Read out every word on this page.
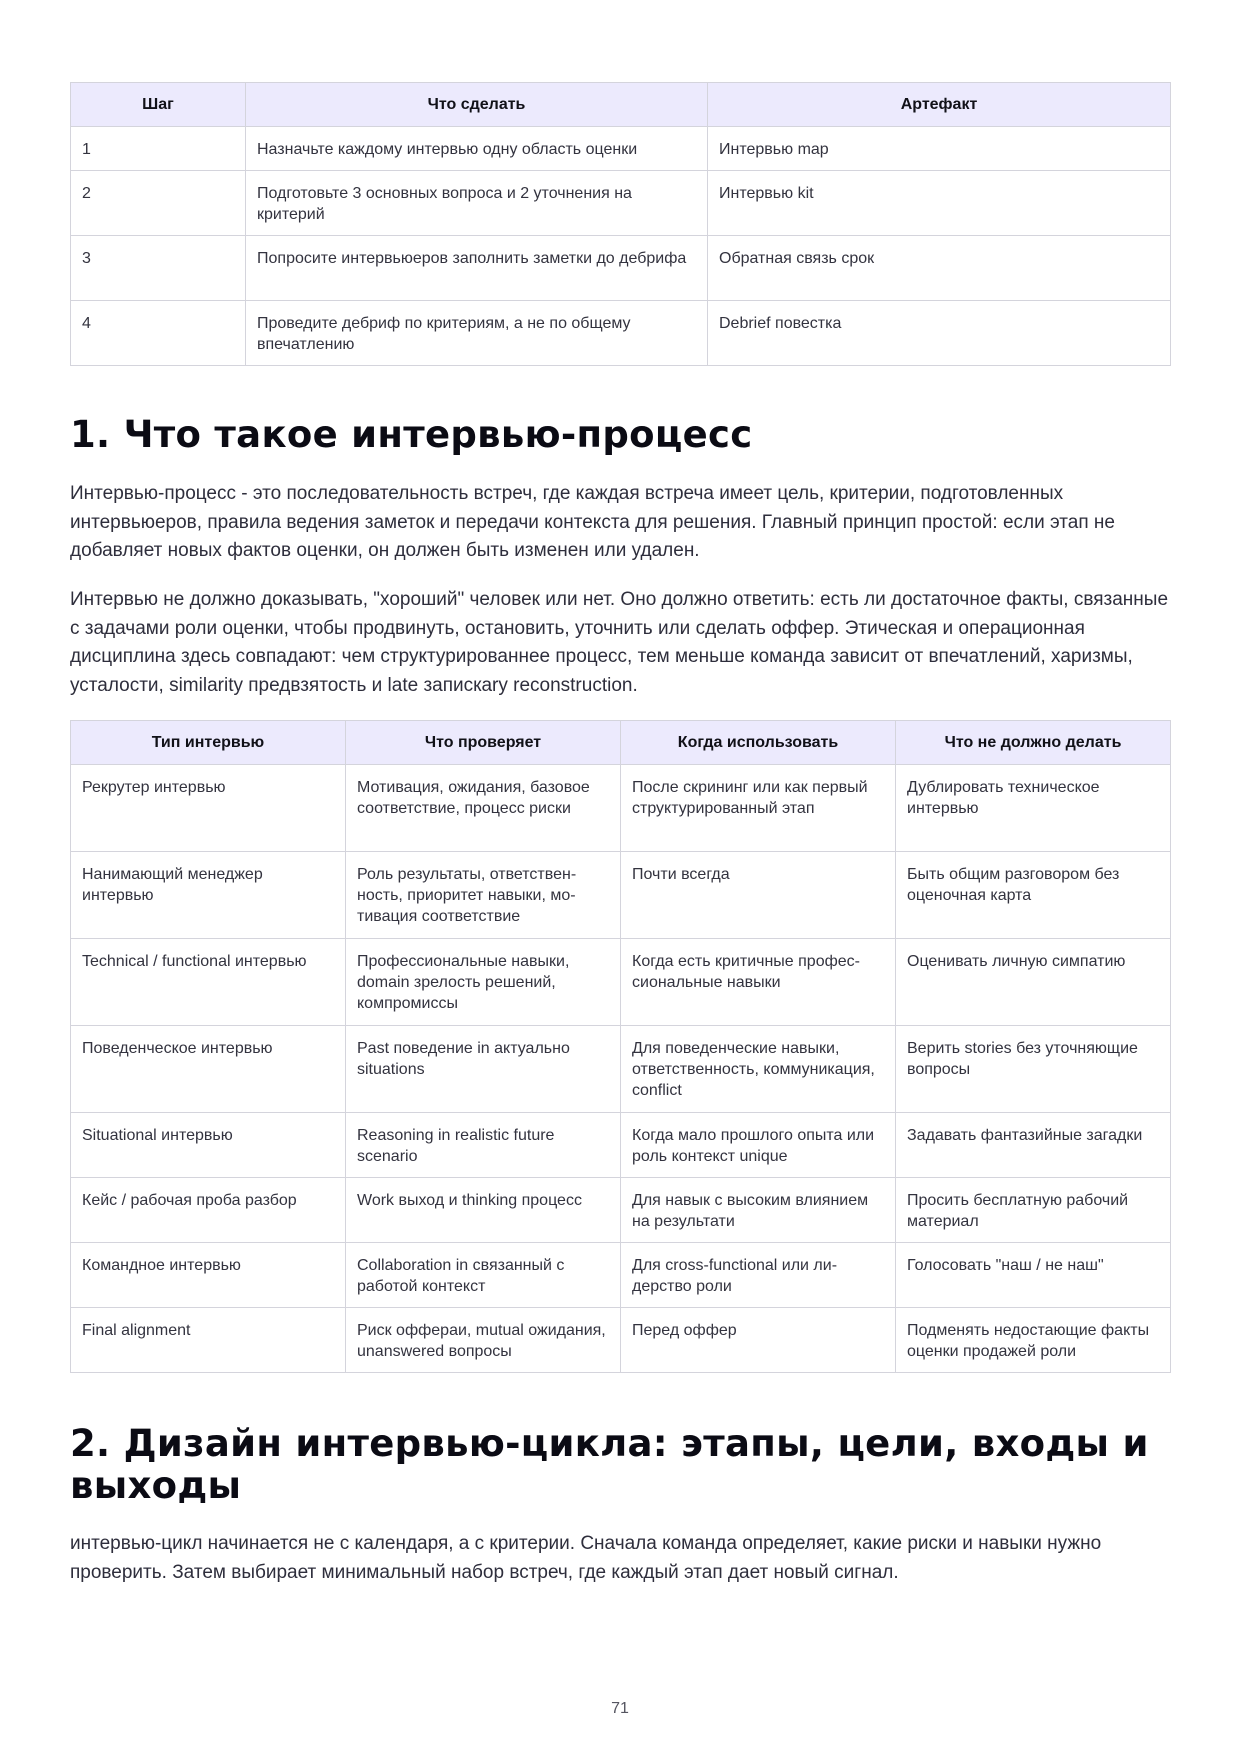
Шаг	Что сделать	Артефакт
1	Назначьте каждому интервью одну область оценки	Интервью map
2	Подготовьте 3 основных вопроса и 2 уточнения на критерий	Интервью kit
3	Попросите интервьюеров заполнить заметки до дебрифа	Обратная связь срок
4	Проведите дебриф по критериям, а не по общему впечатлению	Debrief повестка
1. Что такое интервью-процесс

Интервью-процесс - это последовательность встреч, где каждая встреча имеет цель, критерии, подготовленных интервьюеров, правила ведения заметок и передачи контекста для решения. Главный принцип простой: если этап не добавляет новых фактов оценки, он должен быть изменен или удален.

Интервью не должно доказывать, "хороший" человек или нет. Оно должно ответить: есть ли достаточное факты, связанные с задачами роли оценки, чтобы продвинуть, остановить, уточнить или сделать оффер. Этическая и операционная дисциплина здесь совпадают: чем структурированнее процесс, тем меньше команда зависит от впечатлений, харизмы, усталости, similarity предвзятость и late запискary reconstruction.

Тип интервью	Что проверяет	Когда использовать	Что не должно делать
Рекрутер интервью	Мотивация, ожидания, базовое соответствие, процесс риски	После скрининг или как первый структурированный этап	Дублировать техническое интервью
Нанимающий менеджер интервью	Роль результаты, ответственность, приоритет навыки, мотивация соответствие	Почти всегда	Быть общим разговором без оценочная карта
Technical / functional интервью	Профессиональные навыки, domain зрелость решений, компромиссы	Когда есть критичные профессиональные навыки	Оценивать личную симпатию
Поведенческое интервью	Past поведение in актуально situations	Для поведенческие навыки, ответственность, коммуникация, conflict	Верить stories без уточняющие вопросы
Situational интервью	Reasoning in realistic future scenario	Когда мало прошлого опыта или роль контекст unique	Задавать фантазийные загадки
Кейс / рабочая проба разбор	Work выход и thinking процесс	Для навык с высоким влиянием на результати	Просить бесплатную рабочий материал
Командное интервью	Collaboration in связанный с работой контекст	Для cross-functional или лидерство роли	Голосовать "наш / не наш"
Final alignment	Риск оффераи, mutual ожидания, unanswered вопросы	Перед оффер	Подменять недостающие факты оценки продажей роли
2. Дизайн интервью-цикла: этапы, цели, входы и выходы

интервью-цикл начинается не с календаря, а с критерии. Сначала команда определяет, какие риски и навыки нужно проверить. Затем выбирает минимальный набор встреч, где каждый этап дает новый сигнал.

71
